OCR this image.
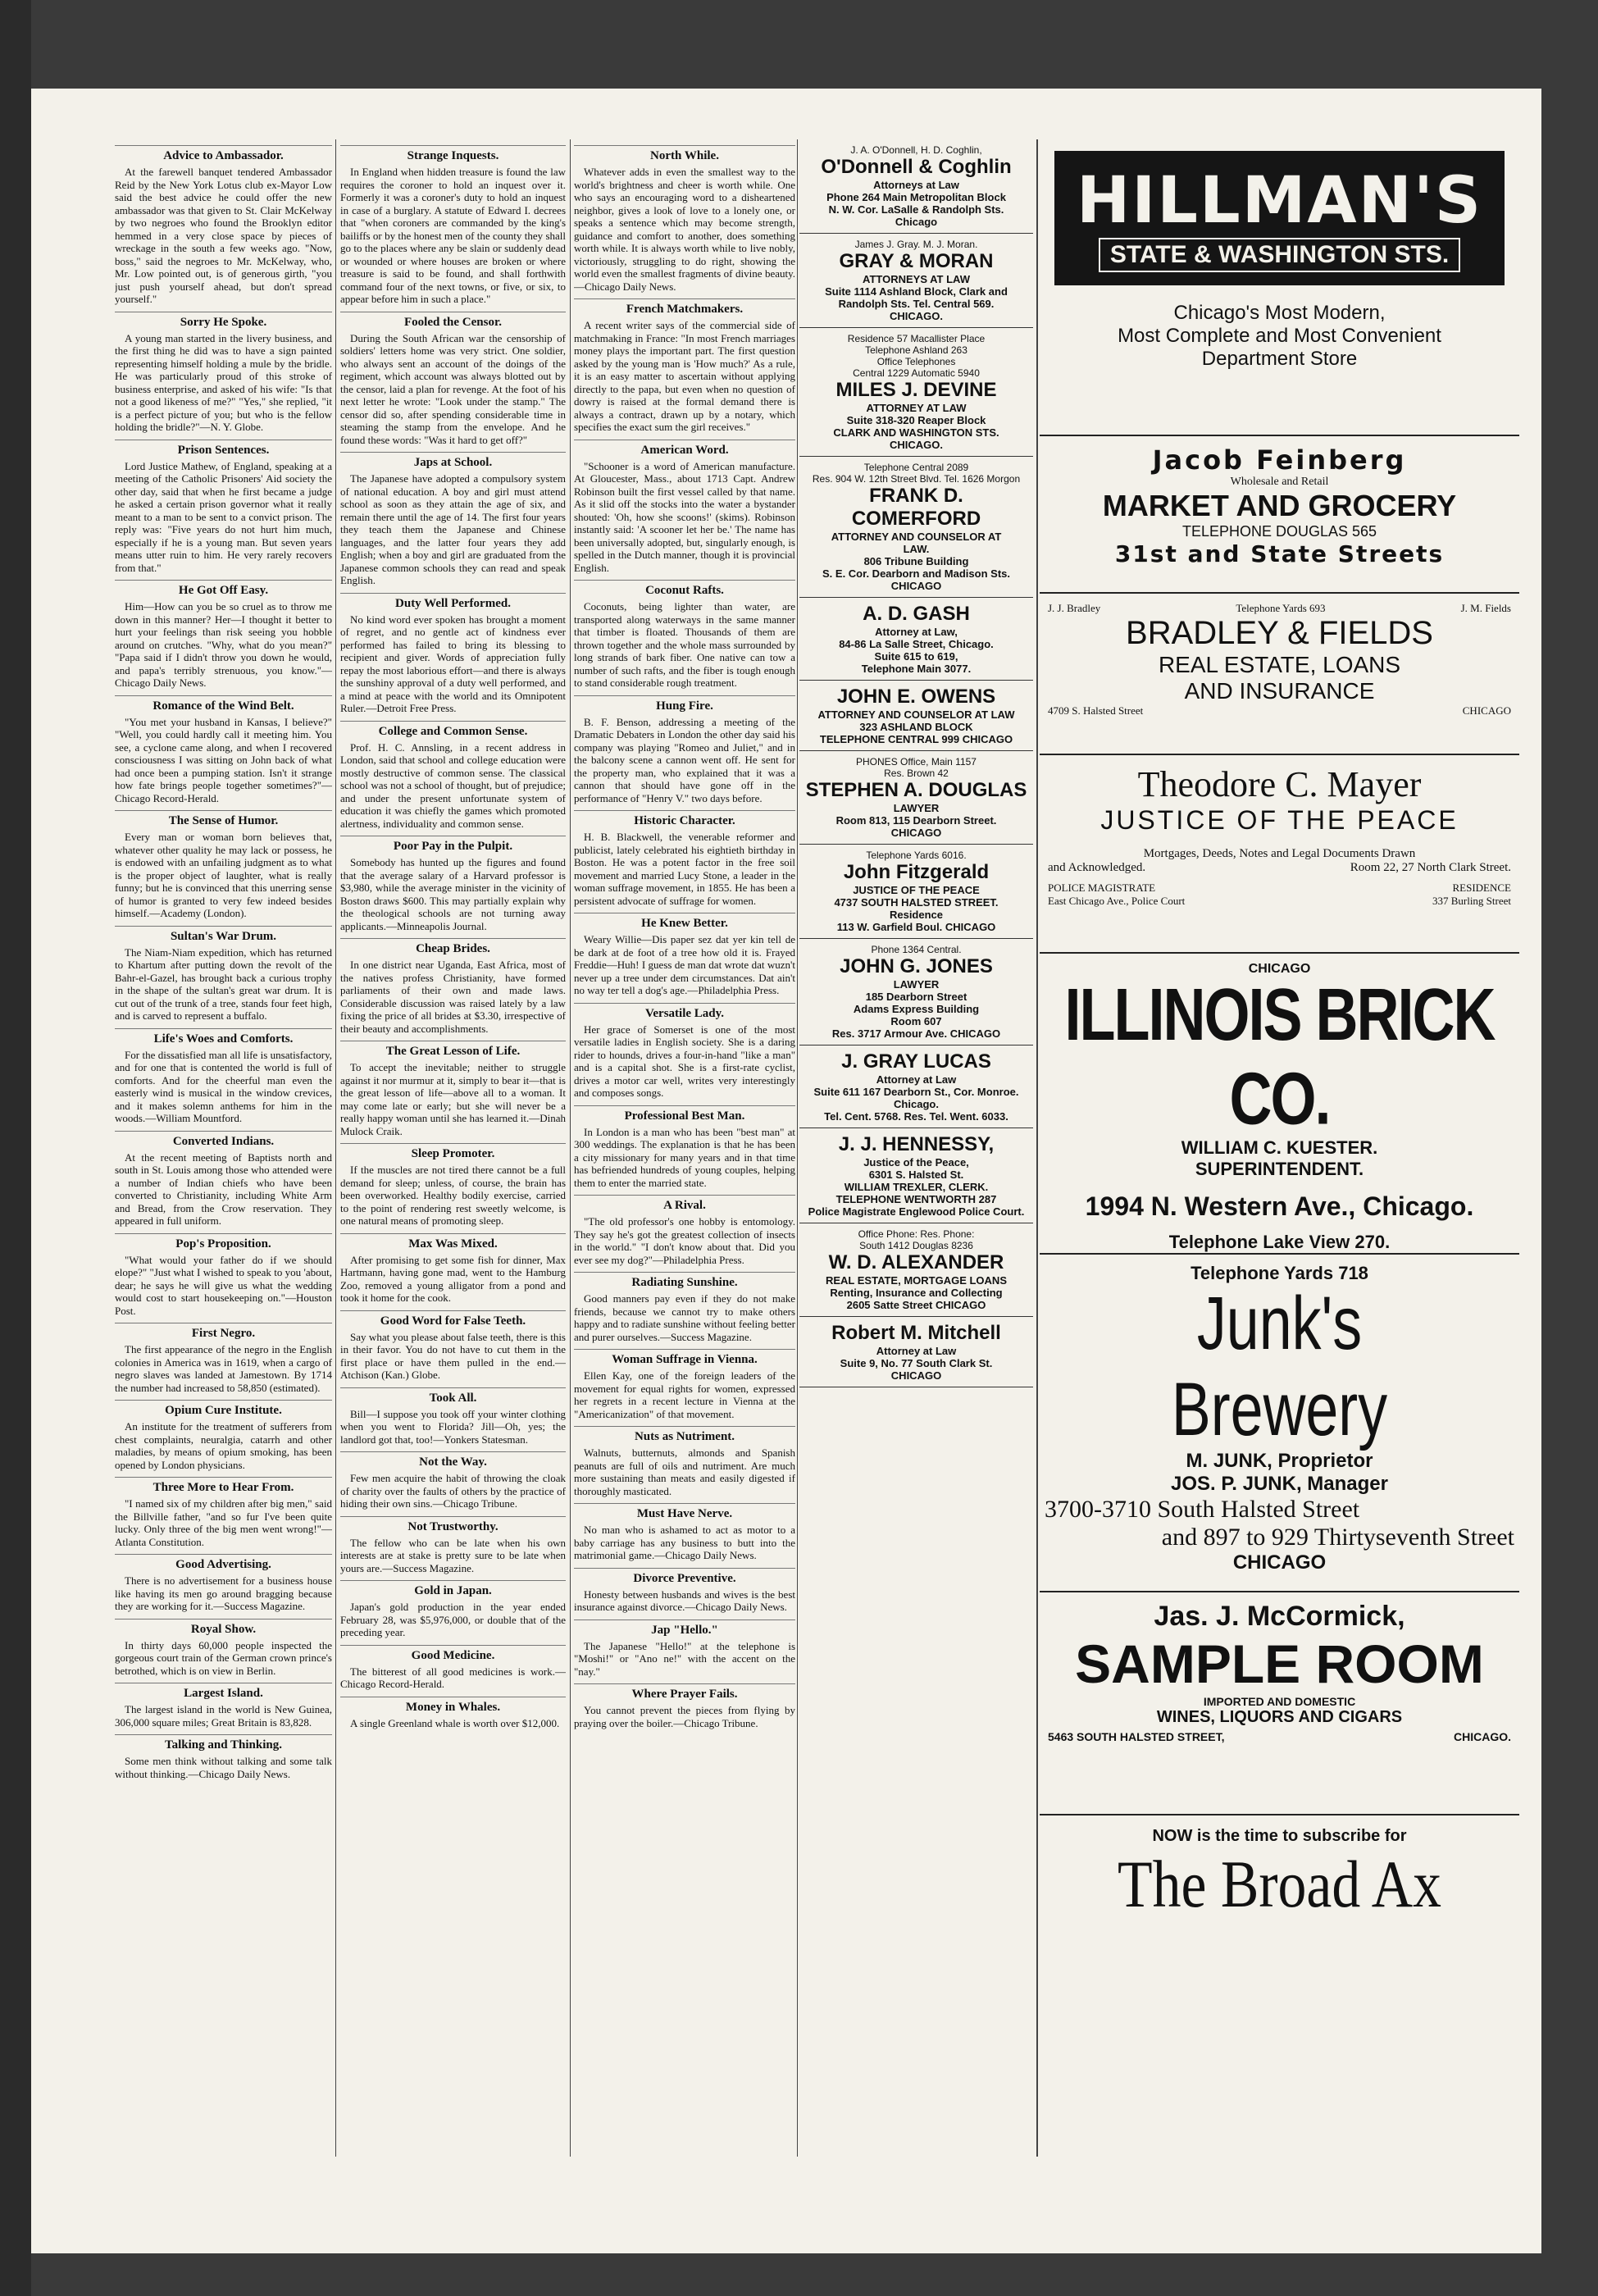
Advice to Ambassador.

At the farewell banquet tendered Ambassador Reid by the New York Lotus club ex-Mayor Low said the best advice he could offer the new ambassador was that given to St. Clair McKelway by two negroes who found the Brooklyn editor hemmed in a very close space by pieces of wreckage in the south a few weeks ago. "Now, boss," said the negroes to Mr. McKelway, who, Mr. Low pointed out, is of generous girth, "you just push yourself ahead, but don't spread yourself."

Sorry He Spoke.

A young man started in the livery business, and the first thing he did was to have a sign painted representing himself holding a mule by the bridle. He was particularly proud of this stroke of business enterprise, and asked of his wife: "Is that not a good likeness of me?" "Yes," she replied, "it is a perfect picture of you; but who is the fellow holding the bridle?"—N. Y. Globe.

Prison Sentences.

Lord Justice Mathew, of England, speaking at a meeting of the Catholic Prisoners' Aid society the other day, said that when he first became a judge he asked a certain prison governor what it really meant to a man to be sent to a convict prison. The reply was: "Five years do not hurt him much, especially if he is a young man. But seven years means utter ruin to him. He very rarely recovers from that."

He Got Off Easy.

Him—How can you be so cruel as to throw me down in this manner? Her—I thought it better to hurt your feelings than risk seeing you hobble around on crutches. "Why, what do you mean?" "Papa said if I didn't throw you down he would, and papa's terribly strenuous, you know."—Chicago Daily News.

Romance of the Wind Belt.

"You met your husband in Kansas, I believe?" "Well, you could hardly call it meeting him. You see, a cyclone came along, and when I recovered consciousness I was sitting on John back of what had once been a pumping station. Isn't it strange how fate brings people together sometimes?"—Chicago Record-Herald.

The Sense of Humor.

Every man or woman born believes that, whatever other quality he may lack or possess, he is endowed with an unfailing judgment as to what is the proper object of laughter, what is really funny; but he is convinced that this unerring sense of humor is granted to very few indeed besides himself.—Academy (London).

Sultan's War Drum.

The Niam-Niam expedition, which has returned to Khartum after putting down the revolt of the Bahr-el-Gazel, has brought back a curious trophy in the shape of the sultan's great war drum. It is cut out of the trunk of a tree, stands four feet high, and is carved to represent a buffalo.

Life's Woes and Comforts.

For the dissatisfied man all life is unsatisfactory, and for one that is contented the world is full of comforts. And for the cheerful man even the easterly wind is musical in the window crevices, and it makes solemn anthems for him in the woods.—William Mountford.

Converted Indians.

At the recent meeting of Baptists north and south in St. Louis among those who attended were a number of Indian chiefs who have been converted to Christianity, including White Arm and Bread, from the Crow reservation. They appeared in full uniform.

Pop's Proposition.

"What would your father do if we should elope?" "Just what I wished to speak to you 'about, dear; he says he will give us what the wedding would cost to start housekeeping on."—Houston Post.

First Negro.

The first appearance of the negro in the English colonies in America was in 1619, when a cargo of negro slaves was landed at Jamestown. By 1714 the number had increased to 58,850 (estimated).

Opium Cure Institute.

An institute for the treatment of sufferers from chest complaints, neuralgia, catarrh and other maladies, by means of opium smoking, has been opened by London physicians.

Three More to Hear From.

"I named six of my children after big men," said the Billville father, "and so fur I've been quite lucky. Only three of the big men went wrong!"—Atlanta Constitution.

Good Advertising.

There is no advertisement for a business house like having its men go around bragging because they are working for it.—Success Magazine.

Royal Show.

In thirty days 60,000 people inspected the gorgeous court train of the German crown prince's betrothed, which is on view in Berlin.

Largest Island.

The largest island in the world is New Guinea, 306,000 square miles; Great Britain is 83,828.

Talking and Thinking.

Some men think without talking and some talk without thinking.—Chicago Daily News.

Strange Inquests.

In England when hidden treasure is found the law requires the coroner to hold an inquest over it. Formerly it was a coroner's duty to hold an inquest in case of a burglary. A statute of Edward I. decrees that "when coroners are commanded by the king's bailiffs or by the honest men of the county they shall go to the places where any be slain or suddenly dead or wounded or where houses are broken or where treasure is said to be found, and shall forthwith command four of the next towns, or five, or six, to appear before him in such a place."

Fooled the Censor.

During the South African war the censorship of soldiers' letters home was very strict. One soldier, who always sent an account of the doings of the regiment, which account was always blotted out by the censor, laid a plan for revenge. At the foot of his next letter he wrote: "Look under the stamp." The censor did so, after spending considerable time in steaming the stamp from the envelope. And he found these words: "Was it hard to get off?"

Japs at School.

The Japanese have adopted a compulsory system of national education. A boy and girl must attend school as soon as they attain the age of six, and remain there until the age of 14. The first four years they teach them the Japanese and Chinese languages, and the latter four years they add English; when a boy and girl are graduated from the Japanese common schools they can read and speak English.

Duty Well Performed.

No kind word ever spoken has brought a moment of regret, and no gentle act of kindness ever performed has failed to bring its blessing to recipient and giver. Words of appreciation fully repay the most laborious effort—and there is always the sunshiny approval of a duty well performed, and a mind at peace with the world and its Omnipotent Ruler.—Detroit Free Press.

College and Common Sense.

Prof. H. C. Annsling, in a recent address in London, said that school and college education were mostly destructive of common sense. The classical school was not a school of thought, but of prejudice; and under the present unfortunate system of education it was chiefly the games which promoted alertness, individuality and common sense.

Poor Pay in the Pulpit.

Somebody has hunted up the figures and found that the average salary of a Harvard professor is $3,980, while the average minister in the vicinity of Boston draws $600. This may partially explain why the theological schools are not turning away applicants.—Minneapolis Journal.

Cheap Brides.

In one district near Uganda, East Africa, most of the natives profess Christianity, have formed parliaments of their own and made laws. Considerable discussion was raised lately by a law fixing the price of all brides at $3.30, irrespective of their beauty and accomplishments.

The Great Lesson of Life.

To accept the inevitable; neither to struggle against it nor murmur at it, simply to bear it—that is the great lesson of life—above all to a woman. It may come late or early; but she will never be a really happy woman until she has learned it.—Dinah Mulock Craik.

Sleep Promoter.

If the muscles are not tired there cannot be a full demand for sleep; unless, of course, the brain has been overworked. Healthy bodily exercise, carried to the point of rendering rest sweetly welcome, is one natural means of promoting sleep.

Max Was Mixed.

After promising to get some fish for dinner, Max Hartmann, having gone mad, went to the Hamburg Zoo, removed a young alligator from a pond and took it home for the cook.

Good Word for False Teeth.

Say what you please about false teeth, there is this in their favor. You do not have to cut them in the first place or have them pulled in the end.—Atchison (Kan.) Globe.

Took All.

Bill—I suppose you took off your winter clothing when you went to Florida? Jill—Oh, yes; the landlord got that, too!—Yonkers Statesman.

Not the Way.

Few men acquire the habit of throwing the cloak of charity over the faults of others by the practice of hiding their own sins.—Chicago Tribune.

Not Trustworthy.

The fellow who can be late when his own interests are at stake is pretty sure to be late when yours are.—Success Magazine.

Gold in Japan.

Japan's gold production in the year ended February 28, was $5,976,000, or double that of the preceding year.

Good Medicine.

The bitterest of all good medicines is work.—Chicago Record-Herald.

Money in Whales.

A single Greenland whale is worth over $12,000.

North While.

Whatever adds in even the smallest way to the world's brightness and cheer is worth while. One who says an encouraging word to a disheartened neighbor, gives a look of love to a lonely one, or speaks a sentence which may become strength, guidance and comfort to another, does something worth while. It is always worth while to live nobly, victoriously, struggling to do right, showing the world even the smallest fragments of divine beauty.—Chicago Daily News.

French Matchmakers.

A recent writer says of the commercial side of matchmaking in France: "In most French marriages money plays the important part. The first question asked by the young man is 'How much?' As a rule, it is an easy matter to ascertain without applying directly to the papa, but even when no question of dowry is raised at the formal demand there is always a contract, drawn up by a notary, which specifies the exact sum the girl receives."

American Word.

"Schooner is a word of American manufacture. At Gloucester, Mass., about 1713 Capt. Andrew Robinson built the first vessel called by that name. As it slid off the stocks into the water a bystander shouted: 'Oh, how she scoons!' (skims). Robinson instantly said: 'A scooner let her be.' The name has been universally adopted, but, singularly enough, is spelled in the Dutch manner, though it is provincial English.

Coconut Rafts.

Coconuts, being lighter than water, are transported along waterways in the same manner that timber is floated. Thousands of them are thrown together and the whole mass surrounded by long strands of bark fiber. One native can tow a number of such rafts, and the fiber is tough enough to stand considerable rough treatment.

Hung Fire.

B. F. Benson, addressing a meeting of the Dramatic Debaters in London the other day said his company was playing "Romeo and Juliet," and in the balcony scene a cannon went off. He sent for the property man, who explained that it was a cannon that should have gone off in the performance of "Henry V." two days before.

Historic Character.

H. B. Blackwell, the venerable reformer and publicist, lately celebrated his eightieth birthday in Boston. He was a potent factor in the free soil movement and married Lucy Stone, a leader in the woman suffrage movement, in 1855. He has been a persistent advocate of suffrage for women.

He Knew Better.

Weary Willie—Dis paper sez dat yer kin tell de be dark at de foot of a tree how old it is. Frayed Freddie—Huh! I guess de man dat wrote dat wuzn't never up a tree under dem circumstances. Dat ain't no way ter tell a dog's age.—Philadelphia Press.

Versatile Lady.

Her grace of Somerset is one of the most versatile ladies in English society. She is a daring rider to hounds, drives a four-in-hand "like a man" and is a capital shot. She is a first-rate cyclist, drives a motor car well, writes very interestingly and composes songs.

Professional Best Man.

In London is a man who has been "best man" at 300 weddings. The explanation is that he has been a city missionary for many years and in that time has befriended hundreds of young couples, helping them to enter the married state.

A Rival.

"The old professor's one hobby is entomology. They say he's got the greatest collection of insects in the world." "I don't know about that. Did you ever see my dog?"—Philadelphia Press.

Radiating Sunshine.

Good manners pay even if they do not make friends, because we cannot try to make others happy and to radiate sunshine without feeling better and purer ourselves.—Success Magazine.

Woman Suffrage in Vienna.

Ellen Kay, one of the foreign leaders of the movement for equal rights for women, expressed her regrets in a recent lecture in Vienna at the "Americanization" of that movement.

Nuts as Nutriment.

Walnuts, butternuts, almonds and Spanish peanuts are full of oils and nutriment. Are much more sustaining than meats and easily digested if thoroughly masticated.

Must Have Nerve.

No man who is ashamed to act as motor to a baby carriage has any business to butt into the matrimonial game.—Chicago Daily News.

Divorce Preventive.

Honesty between husbands and wives is the best insurance against divorce.—Chicago Daily News.

Jap "Hello."

The Japanese "Hello!" at the telephone is "Moshi!" or "Ano ne!" with the accent on the "nay."

Where Prayer Fails.

You cannot prevent the pieces from flying by praying over the boiler.—Chicago Tribune.

J. A. O'Donnell, H. D. Coghlin,
O'Donnell & Coghlin
Attorneys at Law
Phone 264 Main Metropolitan Block
N. W. Cor. LaSalle & Randolph Sts.
Chicago
James J. Gray. M. J. Moran.
GRAY & MORAN
ATTORNEYS AT LAW
Suite 1114 Ashland Block, Clark and Randolph Sts. Tel. Central 569.
CHICAGO.
Residence 57 Macallister Place
Telephone Ashland 263
Office Telephones
Central 1229 Automatic 5940
MILES J. DEVINE
ATTORNEY AT LAW
Suite 318-320 Reaper Block
CLARK AND WASHINGTON STS.
CHICAGO.
Telephone Central 2089
Res. 904 W. 12th Street Blvd. Tel. 1626 Morgon
FRANK D. COMERFORD
ATTORNEY AND COUNSELOR AT
LAW.
806 Tribune Building
S. E. Cor. Dearborn and Madison Sts.
CHICAGO
A. D. GASH
Attorney at Law,
84-86 La Salle Street, Chicago.
Suite 615 to 619,
Telephone Main 3077.
JOHN E. OWENS
ATTORNEY AND COUNSELOR AT LAW
323 ASHLAND BLOCK
TELEPHONE CENTRAL 999 CHICAGO
PHONES Office, Main 1157
Res. Brown 42
STEPHEN A. DOUGLAS
LAWYER
Room 813, 115 Dearborn Street.
CHICAGO
Telephone Yards 6016.
John Fitzgerald
JUSTICE OF THE PEACE
4737 SOUTH HALSTED STREET.
Residence
113 W. Garfield Boul. CHICAGO
Phone 1364 Central.
JOHN G. JONES
LAWYER
185 Dearborn Street
Adams Express Building
Room 607
Res. 3717 Armour Ave. CHICAGO
J. GRAY LUCAS
Attorney at Law
Suite 611 167 Dearborn St., Cor. Monroe.
Chicago.
Tel. Cent. 5768. Res. Tel. Went. 6033.
J. J. HENNESSY,
Justice of the Peace,
6301 S. Halsted St.
WILLIAM TREXLER, CLERK.
TELEPHONE WENTWORTH 287
Police Magistrate Englewood Police Court.
Office Phone: Res. Phone:
South 1412 Douglas 8236
W. D. ALEXANDER
REAL ESTATE, MORTGAGE LOANS
Renting, Insurance and Collecting
2605 Satte Street CHICAGO
Robert M. Mitchell
Attorney at Law
Suite 9, No. 77 South Clark St.
CHICAGO
HILLMAN'S
STATE & WASHINGTON STS.
Chicago's Most Modern,
Most Complete and Most Convenient
Department Store
Jacob Feinberg
Wholesale and Retail
MARKET AND GROCERY
TELEPHONE DOUGLAS 565
31st and State Streets
J. J. Bradley	Telephone Yards 693	J. M. Fields
BRADLEY & FIELDS
REAL ESTATE, LOANS
AND INSURANCE
4709 S. Halsted Street	CHICAGO
Theodore C. Mayer
JUSTICE OF THE PEACE
Mortgages, Deeds, Notes and Legal Documents Drawn
and Acknowledged.	Room 22, 27 North Clark Street.
POLICE MAGISTRATE	RESIDENCE
East Chicago Ave., Police Court	337 Burling Street
CHICAGO
ILLINOIS BRICK CO.
WILLIAM C. KUESTER.
SUPERINTENDENT.
1994 N. Western Ave., Chicago.
Telephone Lake View 270.
Telephone Yards 718
Junk's Brewery
M. JUNK, Proprietor
JOS. P. JUNK, Manager
3700-3710 South Halsted Street
and 897 to 929 Thirtyseventh Street
CHICAGO
Jas. J. McCormick,
SAMPLE ROOM
IMPORTED AND DOMESTIC
WINES, LIQUORS AND CIGARS
5463 SOUTH HALSTED STREET,	CHICAGO.
NOW is the time to subscribe for
The Broad Ax
